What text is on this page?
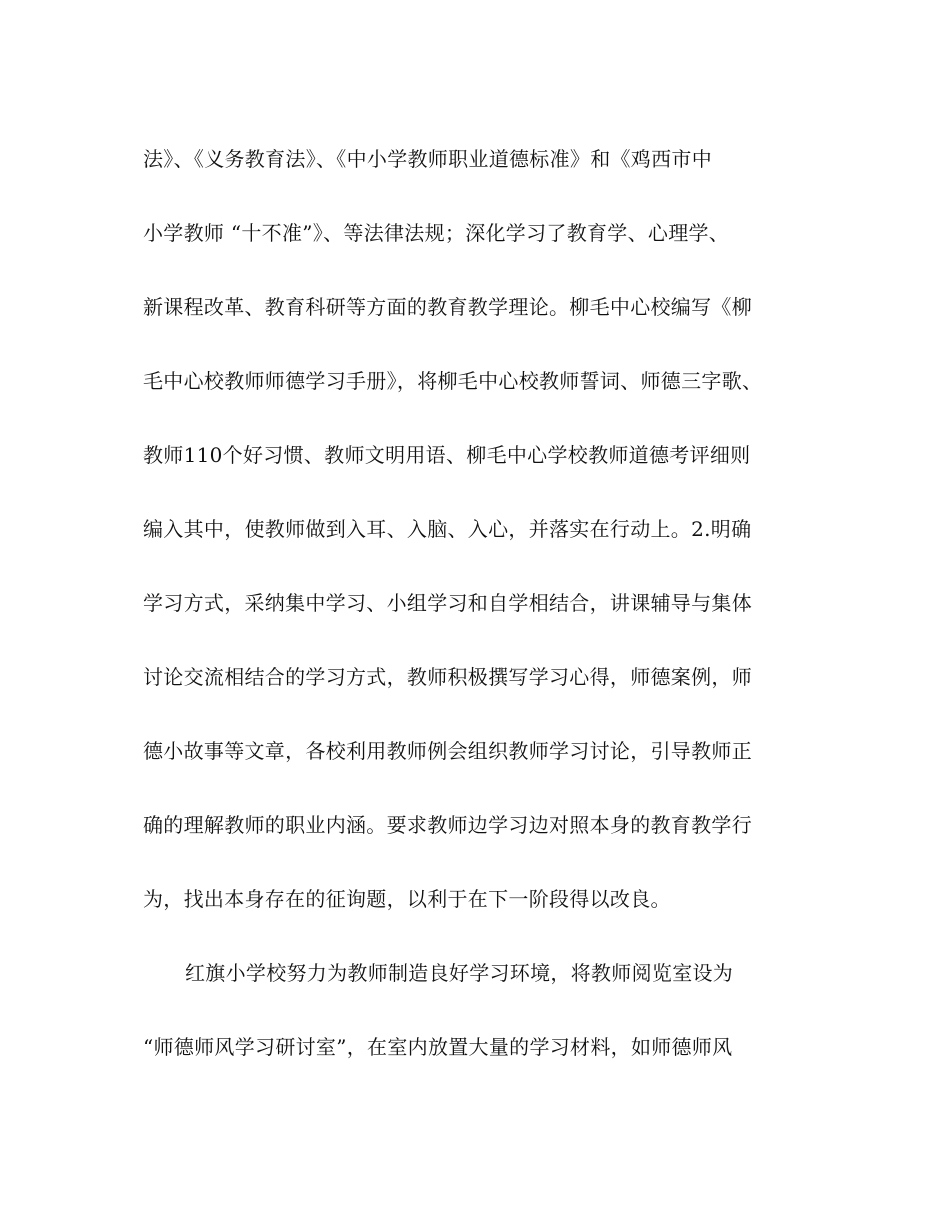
法》、《义务教育法》、《中小学教师职业道德标准》和《鸡西市中
小学教师 “十不准”》、等法律法规；深化学习了教育学、心理学、
新课程改革、教育科研等方面的教育教学理论。柳毛中心校编写《柳
毛中心校教师师德学习手册》，将柳毛中心校教师誓词、师德三字歌、
教师110个好习惯、教师文明用语、柳毛中心学校教师道德考评细则
编入其中，使教师做到入耳、入脑、入心，并落实在行动上。2.明确
学习方式，采纳集中学习、小组学习和自学相结合，讲课辅导与集体
讨论交流相结合的学习方式，教师积极撰写学习心得，师德案例，师
德小故事等文章，各校利用教师例会组织教师学习讨论，引导教师正
确的理解教师的职业内涵。要求教师边学习边对照本身的教育教学行
为，找出本身存在的征询题，以利于在下一阶段得以改良。
红旗小学校努力为教师制造良好学习环境，将教师阅览室设为
“师德师风学习研讨室”，在室内放置大量的学习材料，如师德师风
